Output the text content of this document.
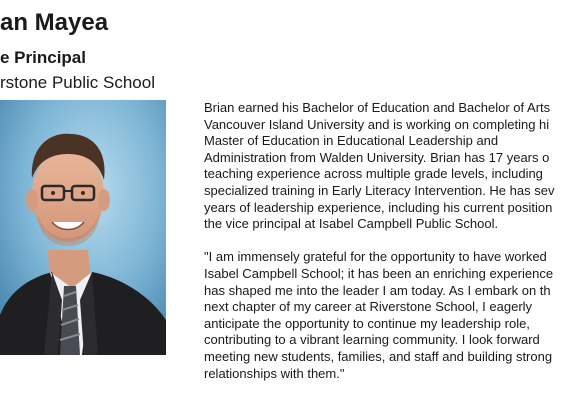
an Mayea
e Principal
rstone Public School
Brian earned his Bachelor of Education and Bachelor of Arts
Vancouver Island University and is working on completing hi
Master of Education in Educational Leadership and
Administration from Walden University. Brian has 17 years o
teaching experience across multiple grade levels, including
specialized training in Early Literacy Intervention. He has sev
years of leadership experience, including his current position
the vice principal at Isabel Campbell Public School.
"I am immensely grateful for the opportunity to have worked
Isabel Campbell School; it has been an enriching experience
has shaped me into the leader I am today. As I embark on th
next chapter of my career at Riverstone School, I eagerly
anticipate the opportunity to continue my leadership role,
contributing to a vibrant learning community. I look forward
meeting new students, families, and staff and building strong
relationships with them."
